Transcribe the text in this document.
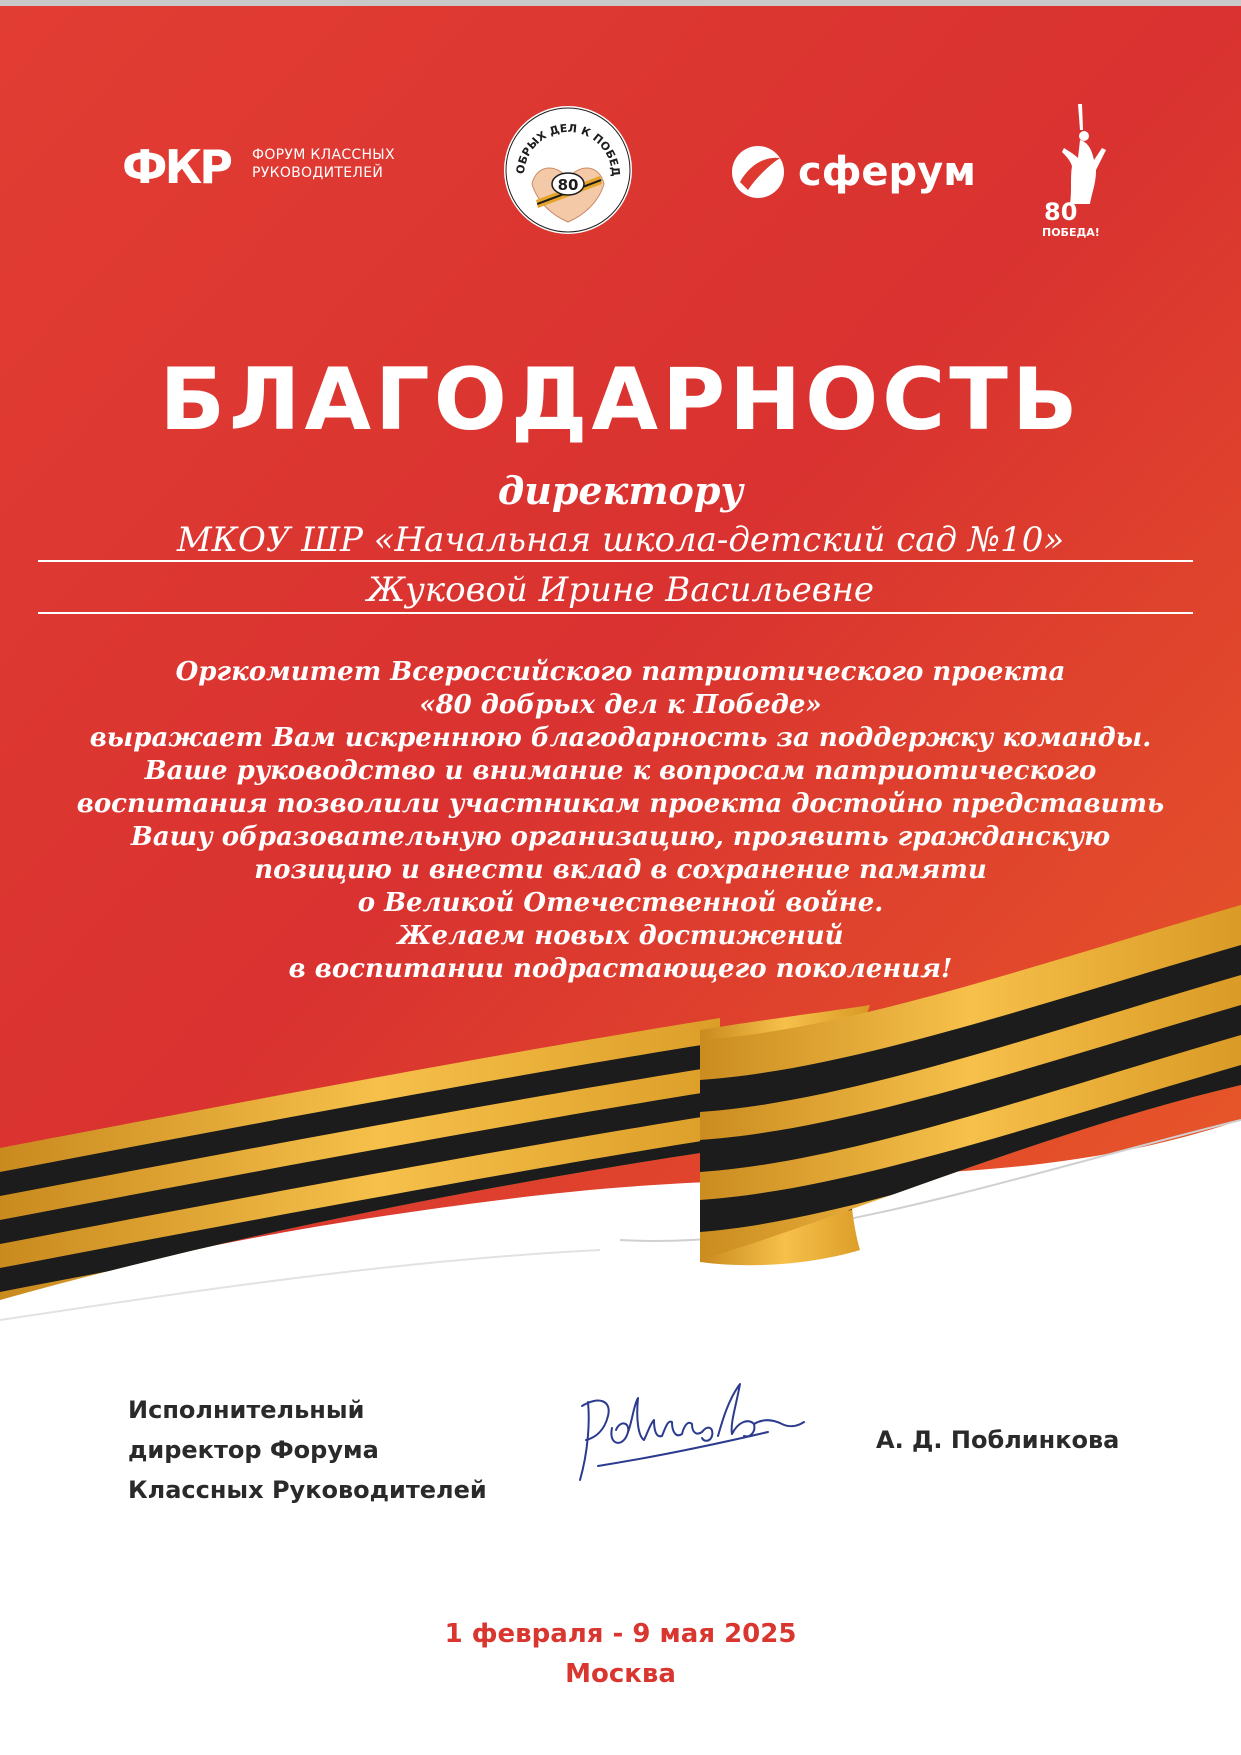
ФКР ФОРУМ КЛАССНЫХ
РУКОВОДИТЕЛЕЙ	ОБРЫХ ДЕЛ К ПОБЕД
80	сферум
80
ПОБЕДА!
БЛАГОДАРНОСТЬ
директору
МКОУ ШР «Начальная школа-детский сад №10»
Жуковой Ирине Васильевне
Оргкомитет Всероссийского патриотического проекта
«80 добрых дел к Победе»
выражает Вам искреннюю благодарность за поддержку команды.
Ваше руководство и внимание к вопросам патриотического
воспитания позволили участникам проекта достойно представить
Вашу образовательную организацию, проявить гражданскую
позицию и внести вклад в сохранение памяти
о Великой Отечественной войне.
Желаем новых достижений
в воспитании подрастающего поколения!
Исполнительный
директор Форума
Классных Руководителей
А. Д. Поблинкова
1 февраля - 9 мая 2025
Москва
